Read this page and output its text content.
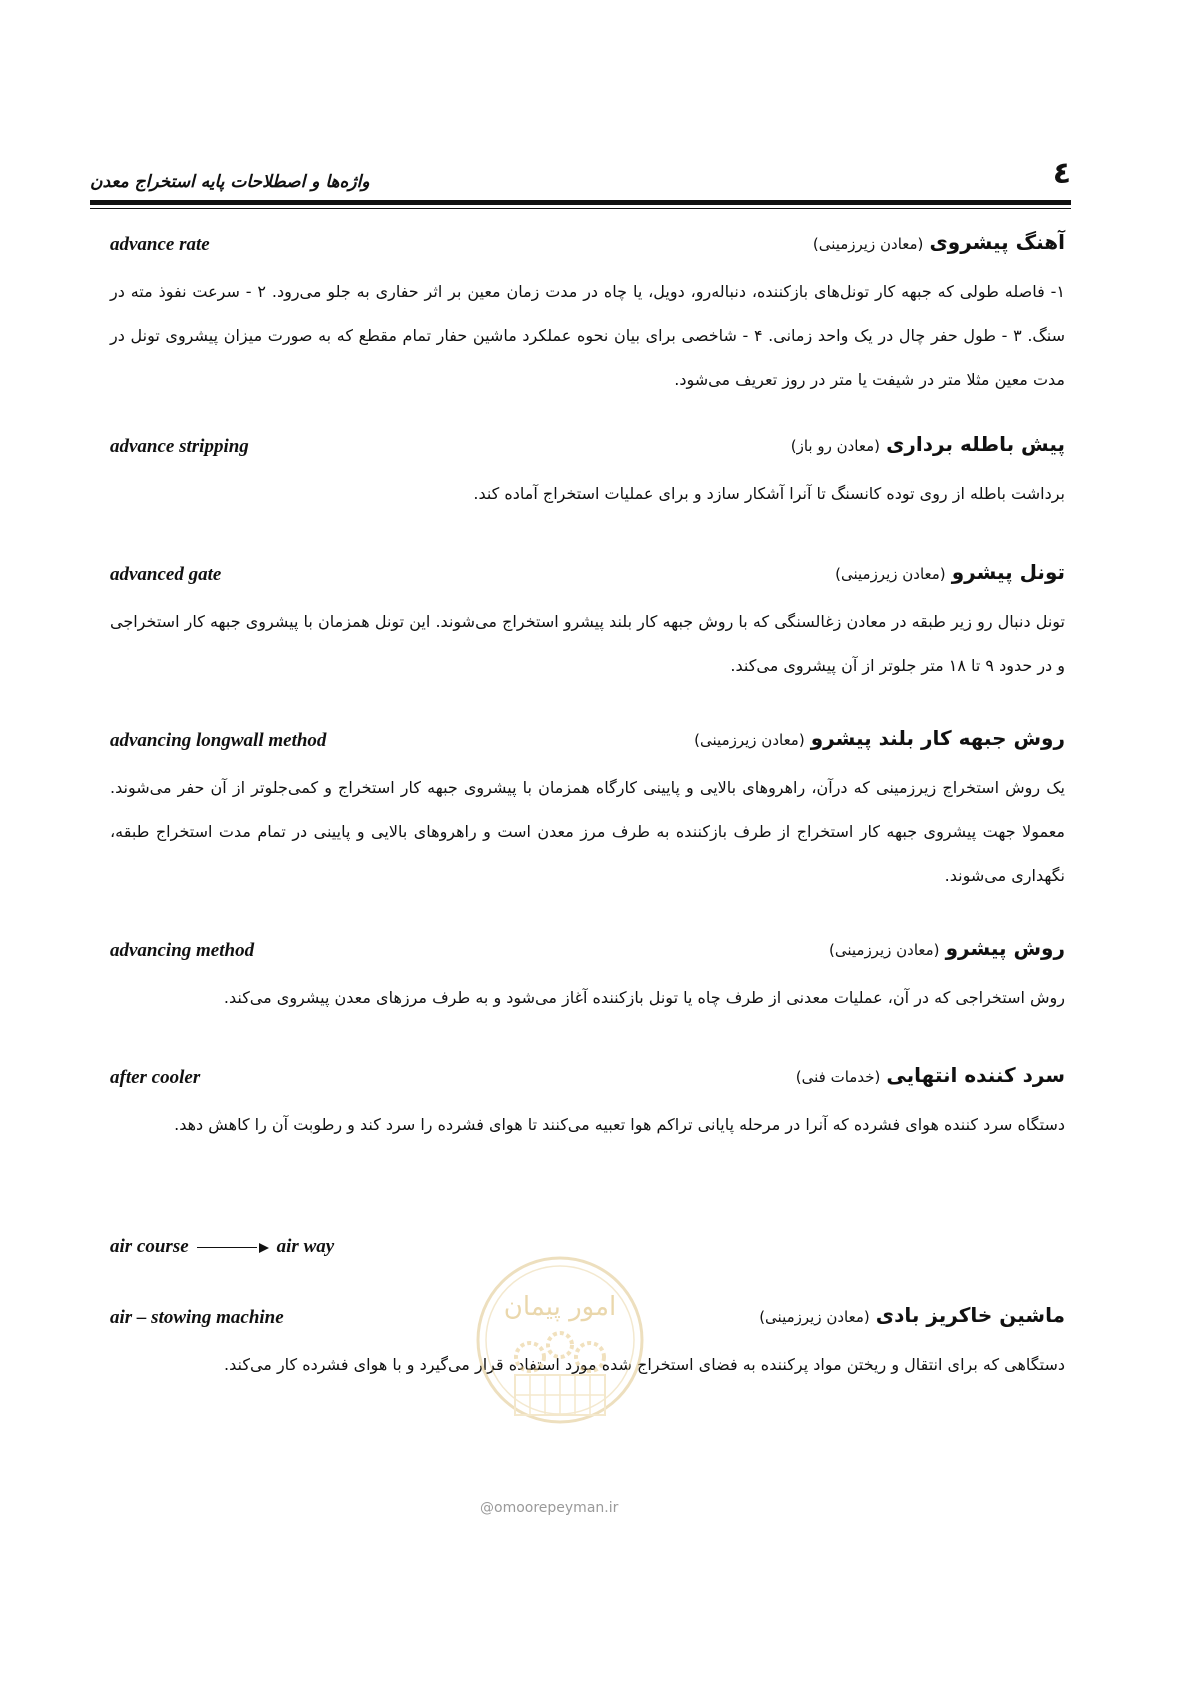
٤
واژه‌ها و اصطلاحات پایه استخراج معدن
advance rate	آهنگ پیشروی (معادن زیرزمینی)

۱- فاصله طولی که جبهه کار تونل‌های بازکننده، دنباله‌رو، دویل، یا چاه در مدت زمان معین بر اثر حفاری به جلو می‌رود. ۲ - سرعت نفوذ مته در سنگ. ۳ - طول حفر چال در یک واحد زمانی. ۴ - شاخصی برای بیان نحوه عملکرد ماشین حفار تمام مقطع که به صورت میزان پیشروی تونل در مدت معین مثلا متر در شیفت یا متر در روز تعریف می‌شود.

advance stripping	پیش باطله برداری (معادن رو باز)

برداشت باطله از روی توده کانسنگ تا آنرا آشکار سازد و برای عملیات استخراج آماده کند.

advanced gate	تونل پیشرو (معادن زیرزمینی)

تونل دنبال رو زیر طبقه در معادن زغالسنگی که با روش جبهه کار بلند پیشرو استخراج می‌شوند. این تونل همزمان با پیشروی جبهه کار استخراجی و در حدود ۹ تا ۱۸ متر جلوتر از آن پیشروی می‌کند.

advancing longwall method	روش جبهه کار بلند پیشرو (معادن زیرزمینی)

یک روش استخراج زیرزمینی که درآن، راهروهای بالایی و پایینی کارگاه همزمان با پیشروی جبهه کار استخراج و کمی‌جلوتر از آن حفر می‌شوند. معمولا جهت پیشروی جبهه کار استخراج از طرف بازکننده به طرف مرز معدن است و راهروهای بالایی و پایینی در تمام مدت استخراج طبقه، نگهداری می‌شوند.

advancing method	روش پیشرو (معادن زیرزمینی)

روش استخراجی که در آن، عملیات معدنی از طرف چاه یا تونل بازکننده آغاز می‌شود و به طرف مرزهای معدن پیشروی می‌کند.

after cooler	سرد کننده انتهایی (خدمات فنی)

دستگاه سرد کننده هوای فشرده که آنرا در مرحله پایانی تراکم هوا تعبیه می‌کنند تا هوای فشرده را سرد کند و رطوبت آن را کاهش دهد.

air course	air way
air – stowing machine	ماشین خاکریز بادی (معادن زیرزمینی)

دستگاهی که برای انتقال و ریختن مواد پرکننده به فضای استخراج شده مورد استفاده قرار می‌گیرد و با هوای فشرده کار می‌کند.

امور پیمان
@omoorepeyman.ir
